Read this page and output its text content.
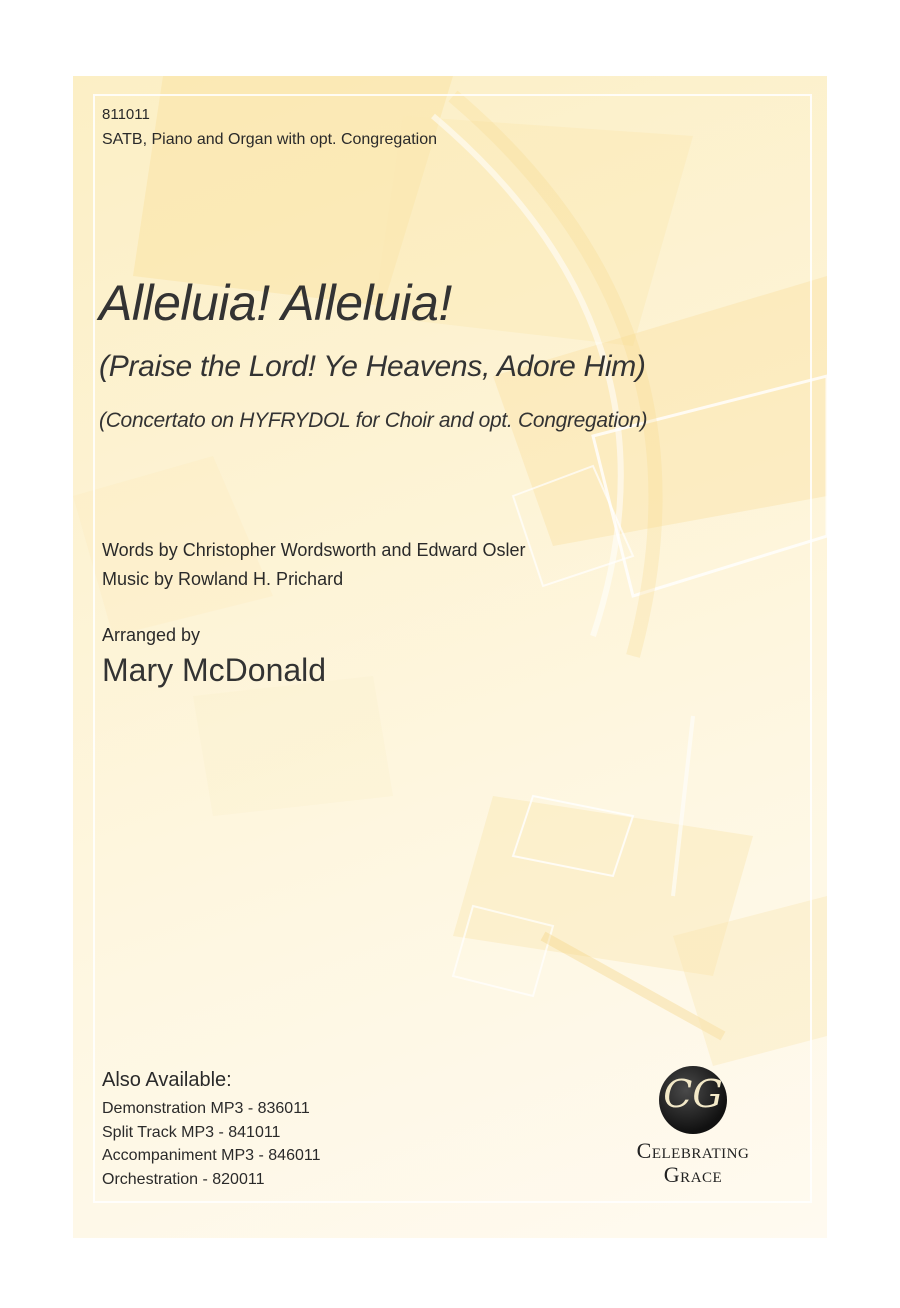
811011
SATB, Piano and Organ with opt. Congregation
Alleluia! Alleluia!
(Praise the Lord! Ye Heavens, Adore Him)
(Concertato on HYFRYDOL for Choir and opt. Congregation)
Words by Christopher Wordsworth and Edward Osler
Music by Rowland H. Prichard
Arranged by
Mary McDonald
Also Available:
Demonstration MP3 - 836011
Split Track MP3 - 841011
Accompaniment MP3 - 846011
Orchestration - 820011
CG
Celebrating
Grace
